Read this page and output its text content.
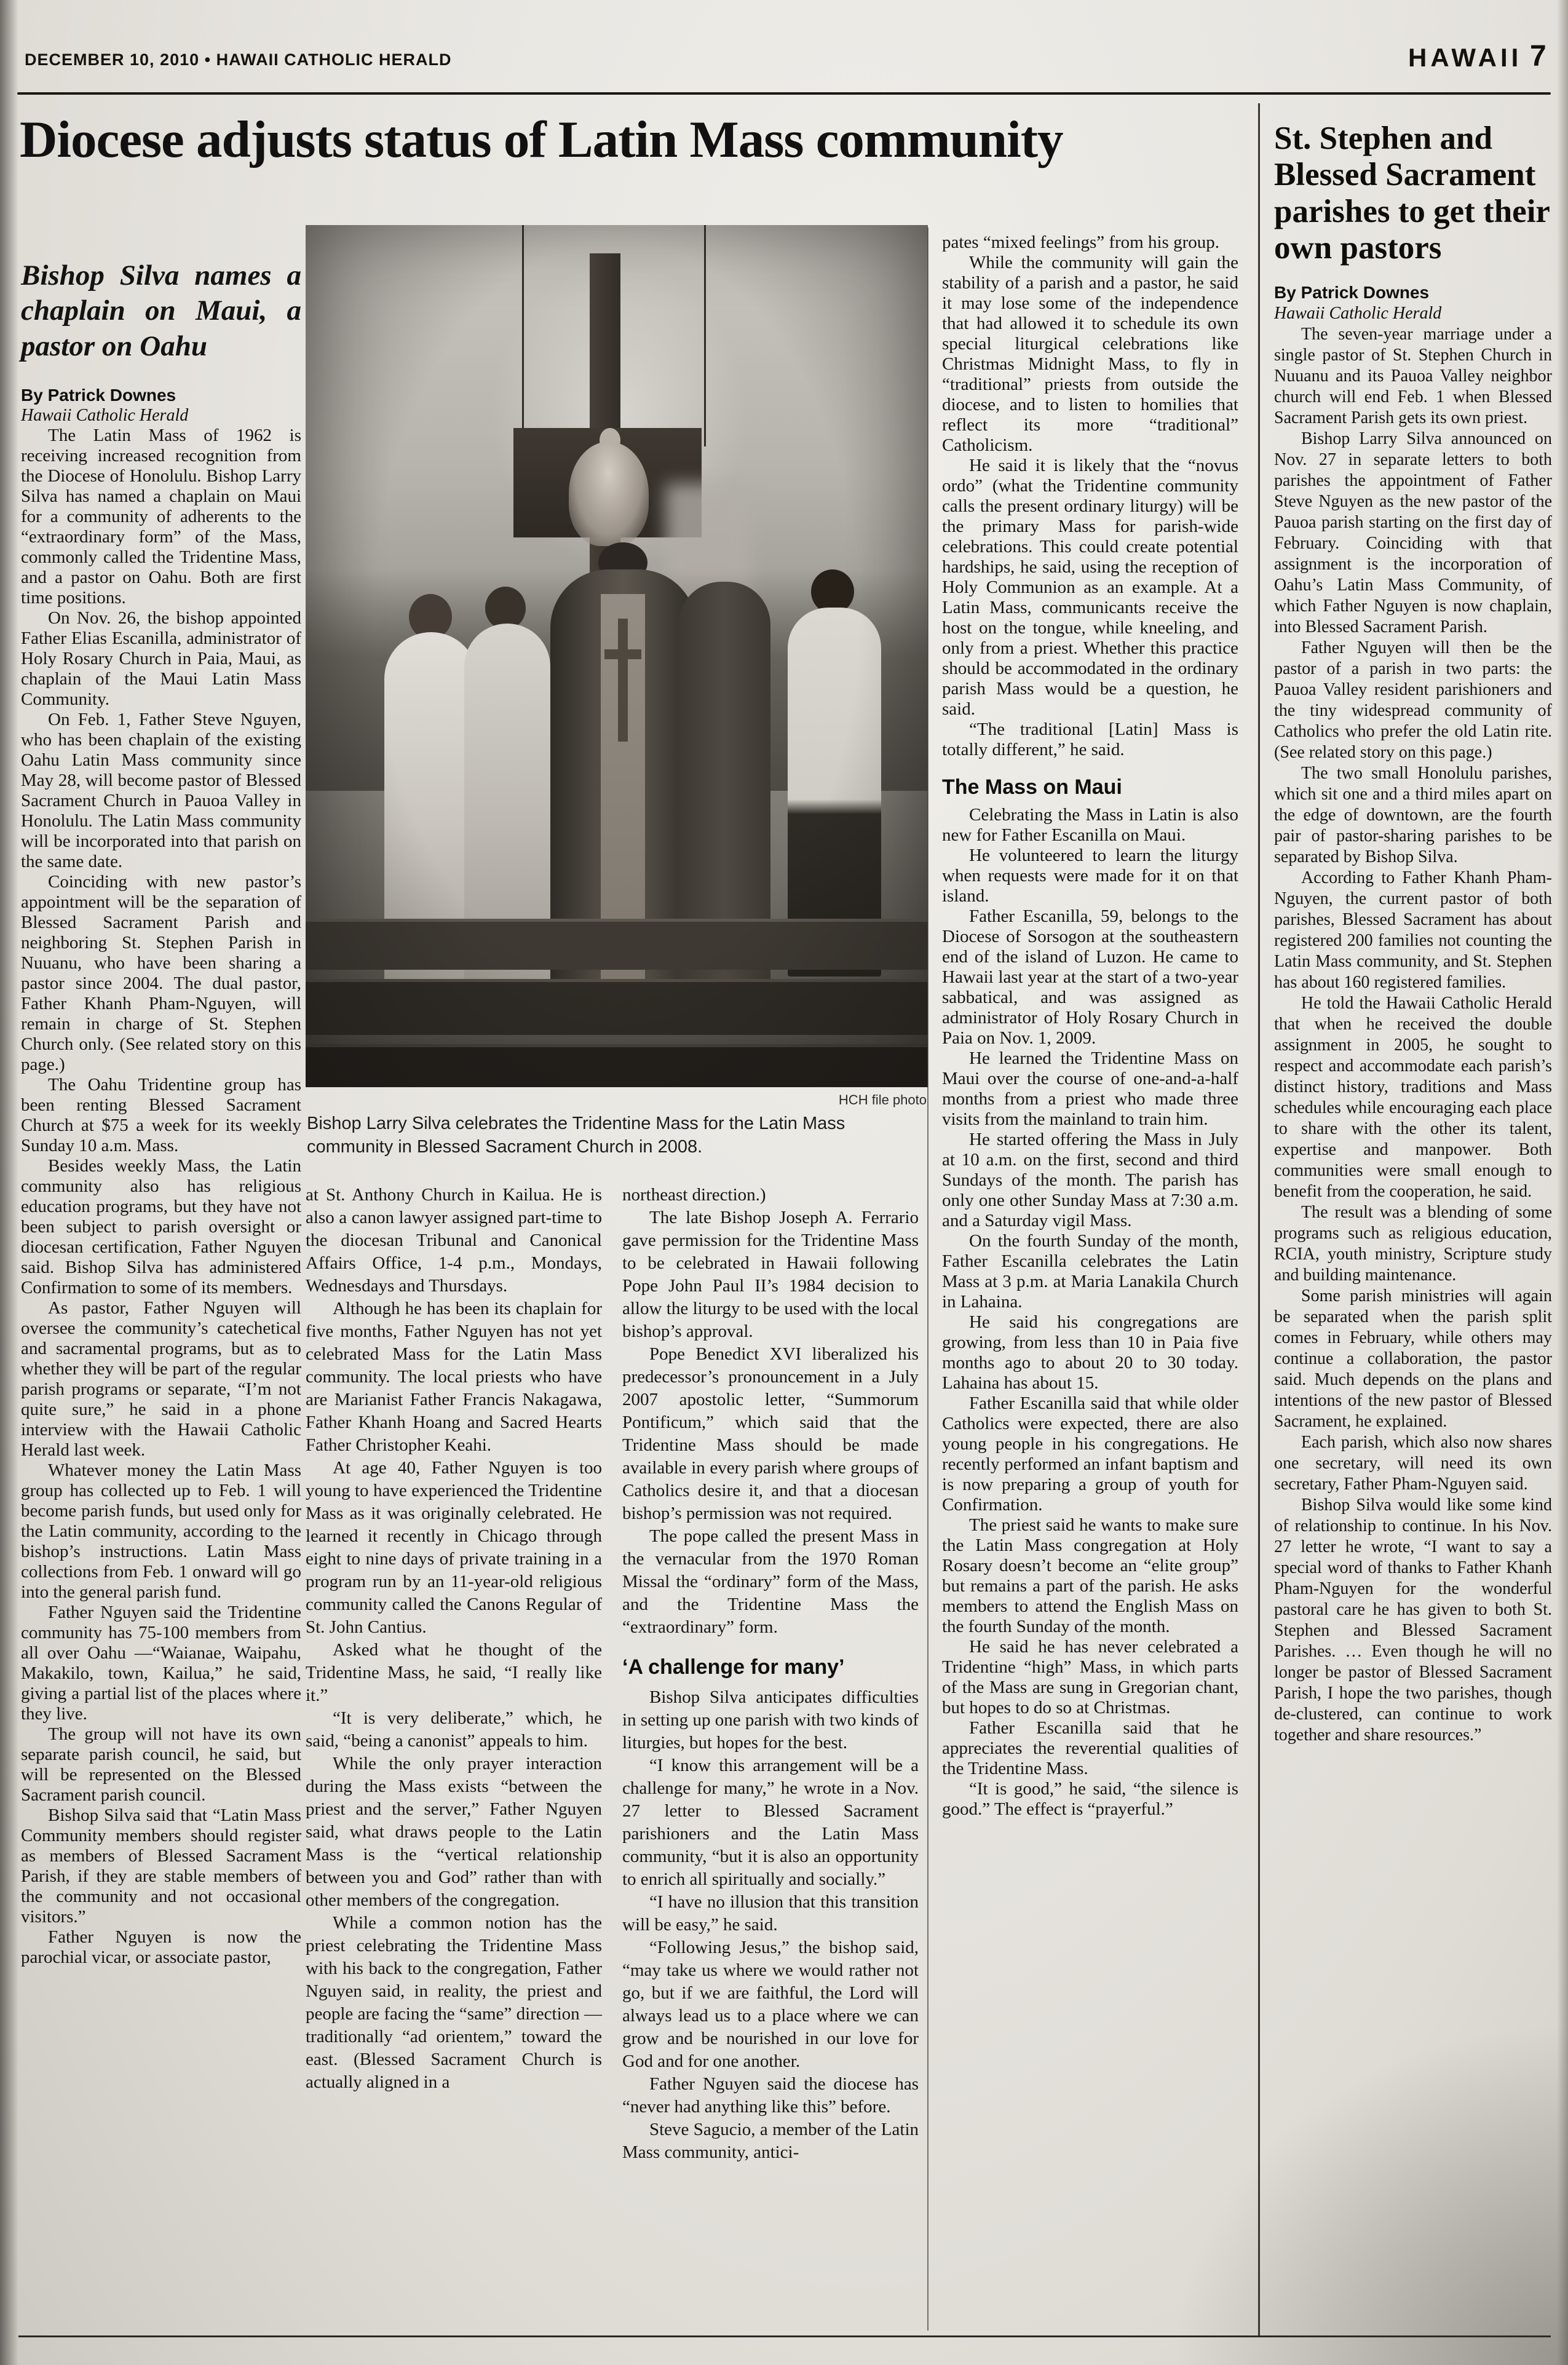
DECEMBER 10, 2010 • HAWAII CATHOLIC HERALD	HAWAII 7
Diocese adjusts status of Latin Mass community
Bishop Silva names a chaplain on Maui, a pastor on Oahu

By Patrick Downes

Hawaii Catholic Herald

The Latin Mass of 1962 is receiving increased recognition from the Diocese of Honolulu. Bishop Larry Silva has named a chaplain on Maui for a community of adherents to the “extraordinary form” of the Mass, commonly called the Tridentine Mass, and a pastor on Oahu. Both are first time positions.

On Nov. 26, the bishop appointed Father Elias Escanilla, administrator of Holy Rosary Church in Paia, Maui, as chaplain of the Maui Latin Mass Community.

On Feb. 1, Father Steve Nguyen, who has been chaplain of the existing Oahu Latin Mass community since May 28, will become pastor of Blessed Sacrament Church in Pauoa Valley in Honolulu. The Latin Mass community will be incorporated into that parish on the same date.

Coinciding with new pastor’s appointment will be the separation of Blessed Sacrament Parish and neighboring St. Stephen Parish in Nuuanu, who have been sharing a pastor since 2004. The dual pastor, Father Khanh Pham-Nguyen, will remain in charge of St. Stephen Church only. (See related story on this page.)

The Oahu Tridentine group has been renting Blessed Sacrament Church at $75 a week for its weekly Sunday 10 a.m. Mass.

Besides weekly Mass, the Latin community also has religious education programs, but they have not been subject to parish oversight or diocesan certification, Father Nguyen said. Bishop Silva has administered Confirmation to some of its members.

As pastor, Father Nguyen will oversee the community’s catechetical and sacramental programs, but as to whether they will be part of the regular parish programs or separate, “I’m not quite sure,” he said in a phone interview with the Hawaii Catholic Herald last week.

Whatever money the Latin Mass group has collected up to Feb. 1 will become parish funds, but used only for the Latin community, according to the bishop’s instructions. Latin Mass collections from Feb. 1 onward will go into the general parish fund.

Father Nguyen said the Tridentine community has 75-100 members from all over Oahu —“Waianae, Waipahu, Makakilo, town, Kailua,” he said, giving a partial list of the places where they live.

The group will not have its own separate parish council, he said, but will be represented on the Blessed Sacrament parish council.

Bishop Silva said that “Latin Mass Community members should register as members of Blessed Sacrament Parish, if they are stable members of the community and not occasional visitors.”

Father Nguyen is now the parochial vicar, or associate pastor,

HCH file photo
Bishop Larry Silva celebrates the Tridentine Mass for the Latin Mass community in Blessed Sacrament Church in 2008.

at St. Anthony Church in Kailua. He is also a canon lawyer assigned part-time to the diocesan Tribunal and Canonical Affairs Office, 1-4 p.m., Mondays, Wednesdays and Thursdays.

Although he has been its chaplain for five months, Father Nguyen has not yet celebrated Mass for the Latin Mass community. The local priests who have are Marianist Father Francis Nakagawa, Father Khanh Hoang and Sacred Hearts Father Christopher Keahi.

At age 40, Father Nguyen is too young to have experienced the Tridentine Mass as it was originally celebrated. He learned it recently in Chicago through eight to nine days of private training in a program run by an 11-year-old religious community called the Canons Regular of St. John Cantius.

Asked what he thought of the Tridentine Mass, he said, “I really like it.”

“It is very deliberate,” which, he said, “being a canonist” appeals to him.

While the only prayer interaction during the Mass exists “between the priest and the server,” Father Nguyen said, what draws people to the Latin Mass is the “vertical relationship between you and God” rather than with other members of the congregation.

While a common notion has the priest celebrating the Tridentine Mass with his back to the congregation, Father Nguyen said, in reality, the priest and people are facing the “same” direction — traditionally “ad orientem,” toward the east. (Blessed Sacrament Church is actually aligned in a

northeast direction.)

The late Bishop Joseph A. Ferrario gave permission for the Tridentine Mass to be celebrated in Hawaii following Pope John Paul II’s 1984 decision to allow the liturgy to be used with the local bishop’s approval.

Pope Benedict XVI liberalized his predecessor’s pronouncement in a July 2007 apostolic letter, “Summorum Pontificum,” which said that the Tridentine Mass should be made available in every parish where groups of Catholics desire it, and that a diocesan bishop’s permission was not required.

The pope called the present Mass in the vernacular from the 1970 Roman Missal the “ordinary” form of the Mass, and the Tridentine Mass the “extraordinary” form.

‘A challenge for many’

Bishop Silva anticipates difficulties in setting up one parish with two kinds of liturgies, but hopes for the best.

“I know this arrangement will be a challenge for many,” he wrote in a Nov. 27 letter to Blessed Sacrament parishioners and the Latin Mass community, “but it is also an opportunity to enrich all spiritually and socially.”

“I have no illusion that this transition will be easy,” he said.

“Following Jesus,” the bishop said, “may take us where we would rather not go, but if we are faithful, the Lord will always lead us to a place where we can grow and be nourished in our love for God and for one another.

Father Nguyen said the diocese has “never had anything like this” before.

Steve Sagucio, a member of the Latin Mass community, antici-

pates “mixed feelings” from his group.

While the community will gain the stability of a parish and a pastor, he said it may lose some of the independence that had allowed it to schedule its own special liturgical celebrations like Christmas Midnight Mass, to fly in “traditional” priests from outside the diocese, and to listen to homilies that reflect its more “traditional” Catholicism.

He said it is likely that the “novus ordo” (what the Tridentine community calls the present ordinary liturgy) will be the primary Mass for parish-wide celebrations. This could create potential hardships, he said, using the reception of Holy Communion as an example. At a Latin Mass, communicants receive the host on the tongue, while kneeling, and only from a priest. Whether this practice should be accommodated in the ordinary parish Mass would be a question, he said.

“The traditional [Latin] Mass is totally different,” he said.

The Mass on Maui

Celebrating the Mass in Latin is also new for Father Escanilla on Maui.

He volunteered to learn the liturgy when requests were made for it on that island.

Father Escanilla, 59, belongs to the Diocese of Sorsogon at the southeastern end of the island of Luzon. He came to Hawaii last year at the start of a two-year sabbatical, and was assigned as administrator of Holy Rosary Church in Paia on Nov. 1, 2009.

He learned the Tridentine Mass on Maui over the course of one-and-a-half months from a priest who made three visits from the mainland to train him.

He started offering the Mass in July at 10 a.m. on the first, second and third Sundays of the month. The parish has only one other Sunday Mass at 7:30 a.m. and a Saturday vigil Mass.

On the fourth Sunday of the month, Father Escanilla celebrates the Latin Mass at 3 p.m. at Maria Lanakila Church in Lahaina.

He said his congregations are growing, from less than 10 in Paia five months ago to about 20 to 30 today. Lahaina has about 15.

Father Escanilla said that while older Catholics were expected, there are also young people in his congregations. He recently performed an infant baptism and is now preparing a group of youth for Confirmation.

The priest said he wants to make sure the Latin Mass congregation at Holy Rosary doesn’t become an “elite group” but remains a part of the parish. He asks members to attend the English Mass on the fourth Sunday of the month.

He said he has never celebrated a Tridentine “high” Mass, in which parts of the Mass are sung in Gregorian chant, but hopes to do so at Christmas.

Father Escanilla said that he appreciates the reverential qualities of the Tridentine Mass.

“It is good,” he said, “the silence is good.” The effect is “prayerful.”

St. Stephen and Blessed Sacrament parishes to get their own pastors

By Patrick Downes

Hawaii Catholic Herald

The seven-year marriage under a single pastor of St. Stephen Church in Nuuanu and its Pauoa Valley neighbor church will end Feb. 1 when Blessed Sacrament Parish gets its own priest.

Bishop Larry Silva announced on Nov. 27 in separate letters to both parishes the appointment of Father Steve Nguyen as the new pastor of the Pauoa parish starting on the first day of February. Coinciding with that assignment is the incorporation of Oahu’s Latin Mass Community, of which Father Nguyen is now chaplain, into Blessed Sacrament Parish.

Father Nguyen will then be the pastor of a parish in two parts: the Pauoa Valley resident parishioners and the tiny widespread community of Catholics who prefer the old Latin rite. (See related story on this page.)

The two small Honolulu parishes, which sit one and a third miles apart on the edge of downtown, are the fourth pair of pastor-sharing parishes to be separated by Bishop Silva.

According to Father Khanh Pham-Nguyen, the current pastor of both parishes, Blessed Sacrament has about registered 200 families not counting the Latin Mass community, and St. Stephen has about 160 registered families.

He told the Hawaii Catholic Herald that when he received the double assignment in 2005, he sought to respect and accommodate each parish’s distinct history, traditions and Mass schedules while encouraging each place to share with the other its talent, expertise and manpower. Both communities were small enough to benefit from the cooperation, he said.

The result was a blending of some programs such as religious education, RCIA, youth ministry, Scripture study and building maintenance.

Some parish ministries will again be separated when the parish split comes in February, while others may continue a collaboration, the pastor said. Much depends on the plans and intentions of the new pastor of Blessed Sacrament, he explained.

Each parish, which also now shares one secretary, will need its own secretary, Father Pham-Nguyen said.

Bishop Silva would like some kind of relationship to continue. In his Nov. 27 letter he wrote, “I want to say a special word of thanks to Father Khanh Pham-Nguyen for the wonderful pastoral care he has given to both St. Stephen and Blessed Sacrament Parishes. … Even though he will no longer be pastor of Blessed Sacrament Parish, I hope the two parishes, though de-clustered, can continue to work together and share resources.”
